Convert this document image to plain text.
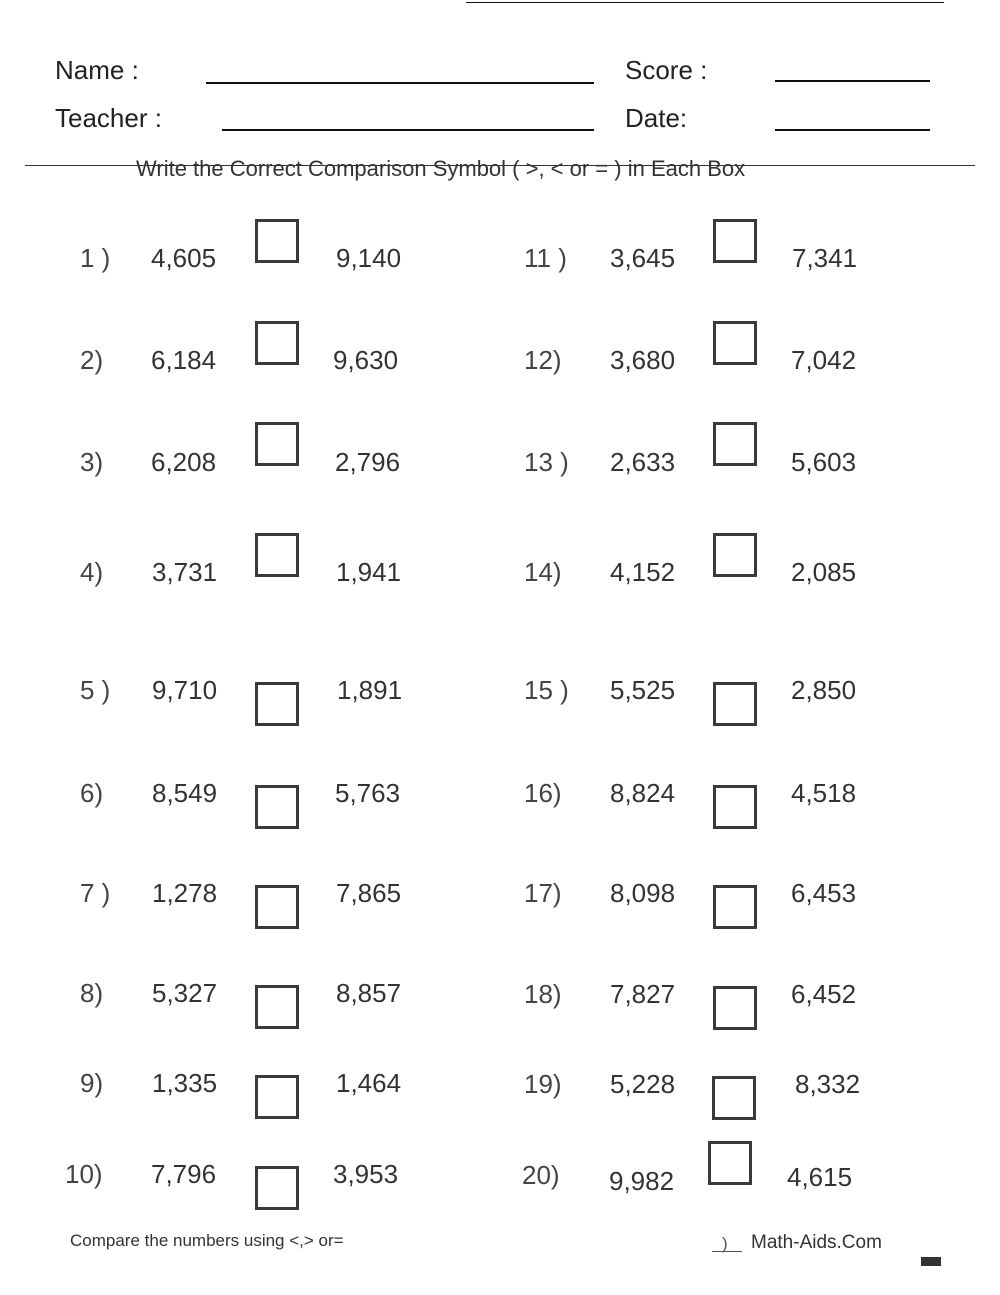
Name :	Score :
Teacher :	Date:
Write the Correct Comparison Symbol ( >, < or = ) in Each Box
1 ) 4,605	9,140
2) 6,184	9,630
3) 6,208	2,796
4) 3,731	1,941
5 ) 9,710	1,891
6) 8,549	5,763
7 ) 1,278	7,865
8) 5,327	8,857
9) 1,335	1,464
10) 7,796	3,953
11 ) 3,645	7,341
12) 3,680	7,042
13 ) 2,633	5,603
14) 4,152	2,085
15 ) 5,525	2,850
16) 8,824	4,518
17) 8,098	6,453
18) 7,827	6,452
19) 5,228	8,332
20) 9,982	4,615
Compare the numbers using <,> or=	) Math-Aids.Com
